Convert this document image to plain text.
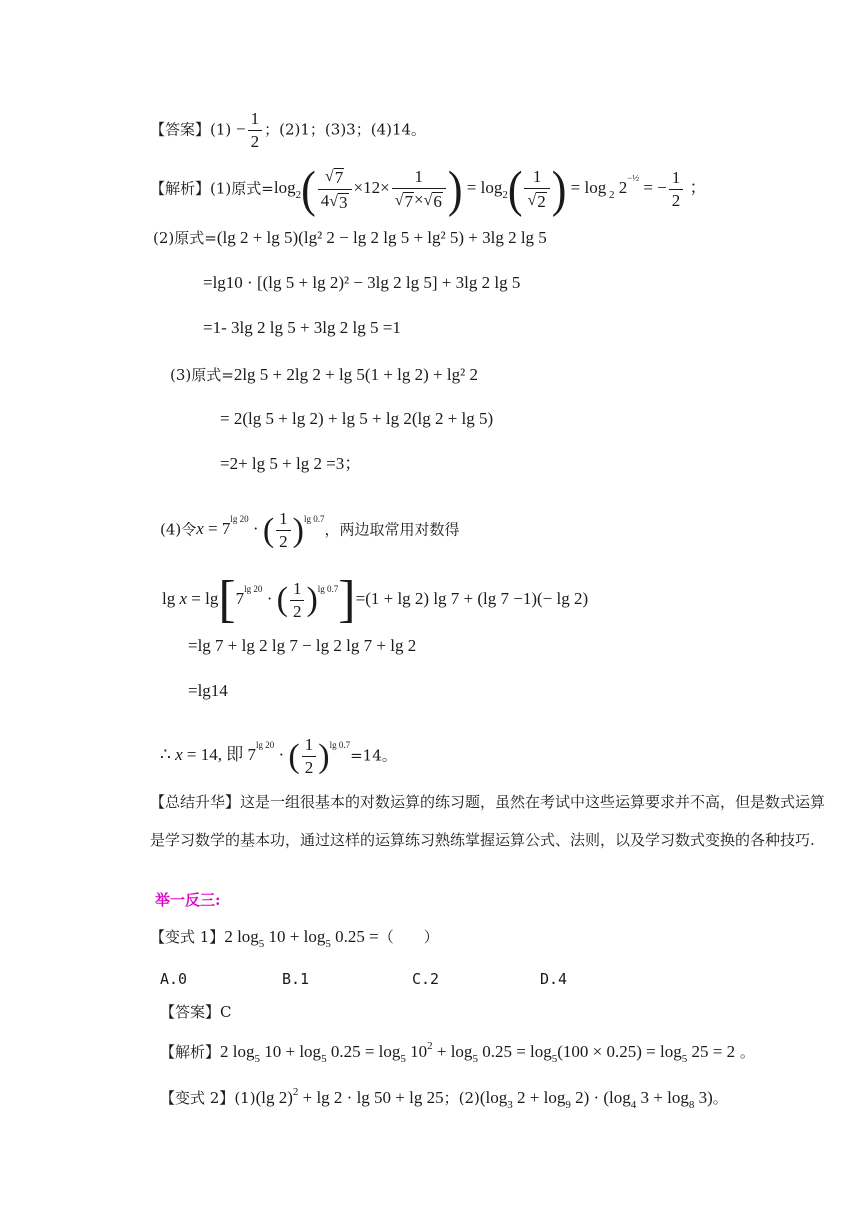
【答案】$(1) - \frac{1}{2}$ ；(2)1；(3)3；(4)14。
【解析】(1)原式$=\log_2( \frac{√ 7}{4 √ 3} \times 12\times \frac{1}{√ 7 \times √ 6}$ ) = $\log_2( \frac{1}{√ 2}$ ) = log $_2$ $2^{-\frac{1}{2}}$ = − $\frac{1}{2}$ ；
(2)原式=(lg 2 + lg 5)(lg² 2 − lg 2 lg 5 + lg² 5) + 3lg 2 lg 5
=lg10 · [(lg 5 + lg 2)² − 3lg 2 lg 5] + 3lg 2 lg 5
=1- 3lg 2 lg 5 + 3lg 2 lg 5 =1
(3)原式=2lg 5 + 2lg 2 + lg 5(1 + lg 2) + lg² 2
= 2(lg 5 + lg 2) + lg 5 + lg 2(lg 2 + lg 5)
=2+ lg 5 + lg 2 =3；
(4)令$x = 7^{lg 20}$ · ( $\frac{1}{2} )^{lg 0.7}$，两边取常用对数得
$\lg x = \lg[7^{lg 20}$ · ( $\frac{1}{2} )^{lg 0.7}]=(1 + \lg 2)$ lg 7 + (lg 7 −1)(− lg 2)
=lg 7 + lg 2 lg 7 − lg 2 lg 7 + lg 2
=lg14
∴ x = 14, 即 $7^{lg 20}$ · ( $\frac{1}{2} )^{lg 0.7}=14$。
【总结升华】这是一组很基本的对数运算的练习题，虽然在考试中这些运算要求并不高，但是数式运算是学习数学的基本功，通过这样的运算练习熟练掌握运算公式、法则，以及学习数式变换的各种技巧.
举一反三:
【变式 1】2 $\log_5 10 + \log_5 0.25$ =（　　）
A.0	B.1	C.2	D.4
【答案】C
【解析】2 $\log_5 10 + \log_5 0.25 = \log_5 10^2 + \log_5 0.25 = \log_5(100 \times 0.25) = \log_5 25 = 2$ 。
【变式 2】(1)(lg 2)$^2$ + lg 2 · lg 50 + lg 25；$(2)(\log_3$ $2 + \log_9 2) \cdot (\log_4$ $3 + \log_8 3$)。
